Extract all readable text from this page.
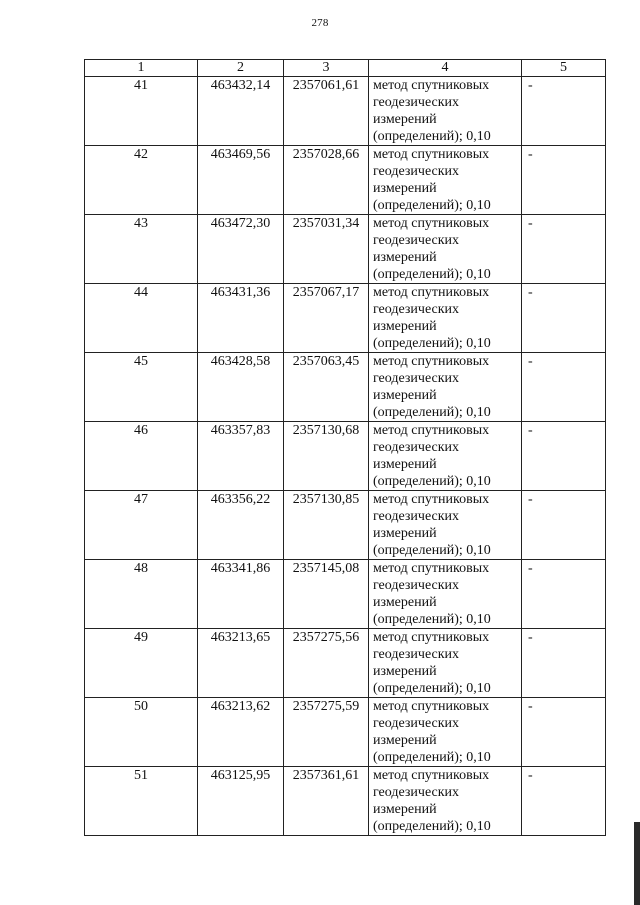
278
1	2	3	4	5
41	463432,14	2357061,61	метод спутниковых геодезических измерений (определений); 0,10	-
42	463469,56	2357028,66	метод спутниковых геодезических измерений (определений); 0,10	-
43	463472,30	2357031,34	метод спутниковых геодезических измерений (определений); 0,10	-
44	463431,36	2357067,17	метод спутниковых геодезических измерений (определений); 0,10	-
45	463428,58	2357063,45	метод спутниковых геодезических измерений (определений); 0,10	-
46	463357,83	2357130,68	метод спутниковых геодезических измерений (определений); 0,10	-
47	463356,22	2357130,85	метод спутниковых геодезических измерений (определений); 0,10	-
48	463341,86	2357145,08	метод спутниковых геодезических измерений (определений); 0,10	-
49	463213,65	2357275,56	метод спутниковых геодезических измерений (определений); 0,10	-
50	463213,62	2357275,59	метод спутниковых геодезических измерений (определений); 0,10	-
51	463125,95	2357361,61	метод спутниковых геодезических измерений (определений); 0,10	-
